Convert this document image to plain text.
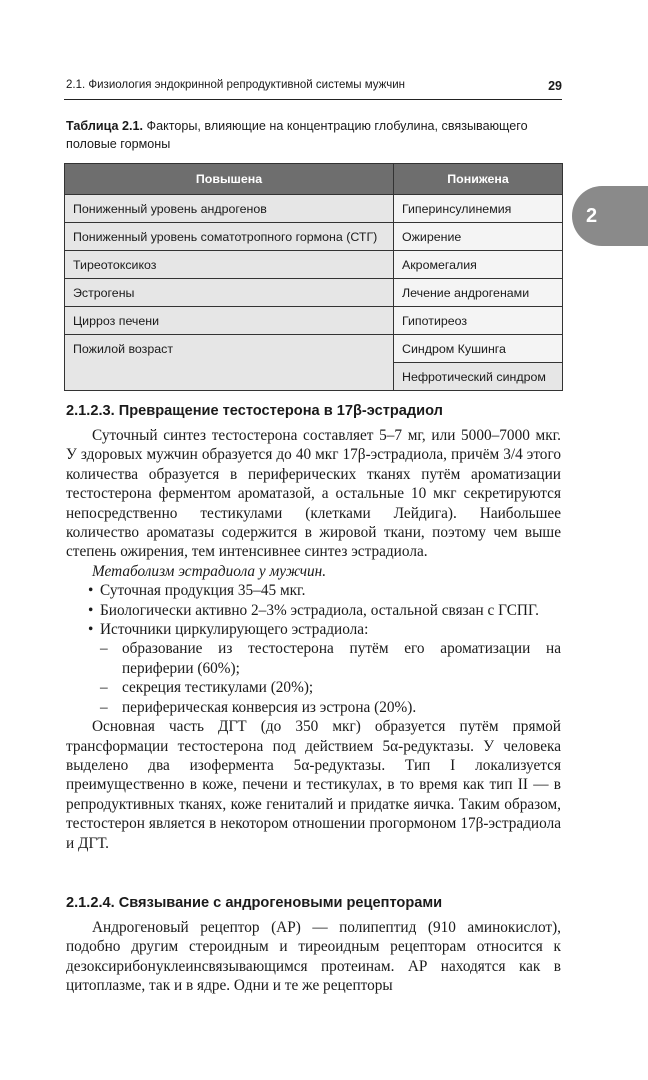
2.1. Физиология эндокринной репродуктивной системы мужчин	29
2
Таблица 2.1. Факторы, влияющие на концентрацию глобулина, связывающего половые гормоны
Повышена	Понижена
Пониженный уровень андрогенов	Гиперинсулинемия
Пониженный уровень соматотропного гормона (СТГ)	Ожирение
Тиреотоксикоз	Акромегалия
Эстрогены	Лечение андрогенами
Цирроз печени	Гипотиреоз
Пожилой возраст	Синдром Кушинга
	Нефротический синдром
2.1.2.3. Превращение тестостерона в 17β-эстрадиол

Суточный синтез тестостерона составляет 5–7 мг, или 5000–7000 мкг. У здоровых мужчин образуется до 40 мкг 17β-эстрадиола, причём 3/4 этого количества образуется в периферических тканях путём ароматизации тестостерона ферментом ароматазой, а остальные 10 мкг секретируются непосредственно тестикулами (клетками Лейдига). Наибольшее количество ароматазы содержится в жировой ткани, поэтому чем выше степень ожирения, тем интенсивнее синтез эстрадиола.

Метаболизм эстрадиола у мужчин.

• Суточная продукция 35–45 мкг.

• Биологически активно 2–3% эстрадиола, остальной связан с ГСПГ.

• Источники циркулирующего эстрадиола:

– образование из тестостерона путём его ароматизации на периферии (60%);

– секреция тестикулами (20%);

– периферическая конверсия из эстрона (20%).

Основная часть ДГТ (до 350 мкг) образуется путём прямой трансформации тестостерона под действием 5α-редуктазы. У человека выделено два изофермента 5α-редуктазы. Тип I локализуется преимущественно в коже, печени и тестикулах, в то время как тип II — в репродуктивных тканях, коже гениталий и придатке яичка. Таким образом, тестостерон является в некотором отношении прогормоном 17β-эстрадиола и ДГТ.

2.1.2.4. Связывание с андрогеновыми рецепторами

Андрогеновый рецептор (АР) — полипептид (910 аминокислот), подобно другим стероидным и тиреоидным рецепторам относится к дезоксирибонуклеинсвязывающимся протеинам. АР находятся как в цитоплазме, так и в ядре. Одни и те же рецепторы
